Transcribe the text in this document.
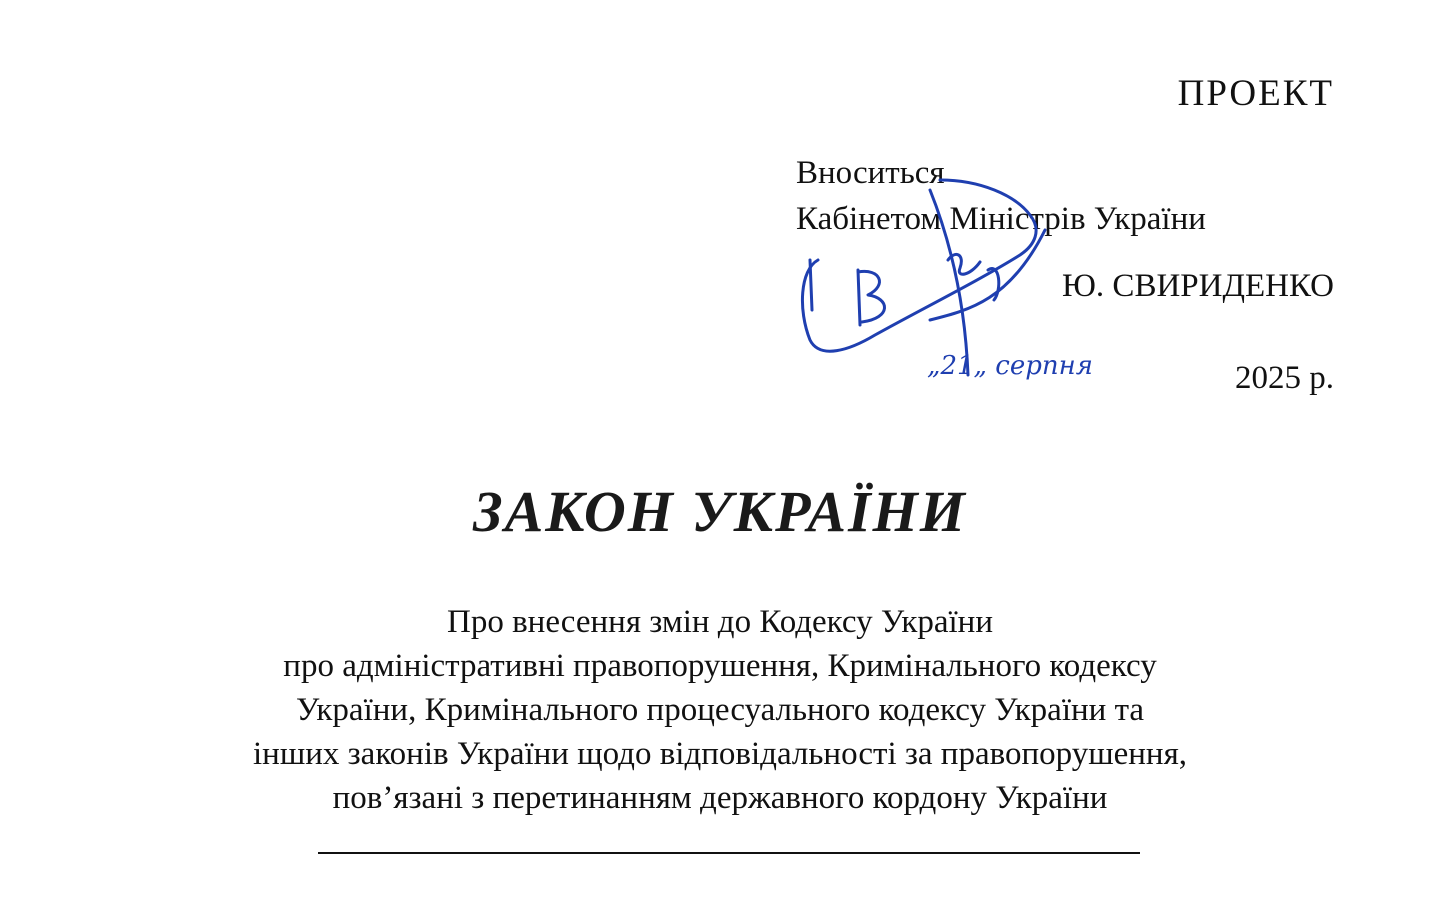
ПРОЕКТ
Вноситься
Кабінетом Міністрів України
Ю. СВИРИДЕНКО
„21„ серпня	2025 р.
ЗАКОН УКРАЇНИ
Про внесення змін до Кодексу України
про адміністративні правопорушення, Кримінального кодексу
України, Кримінального процесуального кодексу України та
інших законів України щодо відповідальності за правопорушення,
пов’язані з перетинанням державного кордону України
